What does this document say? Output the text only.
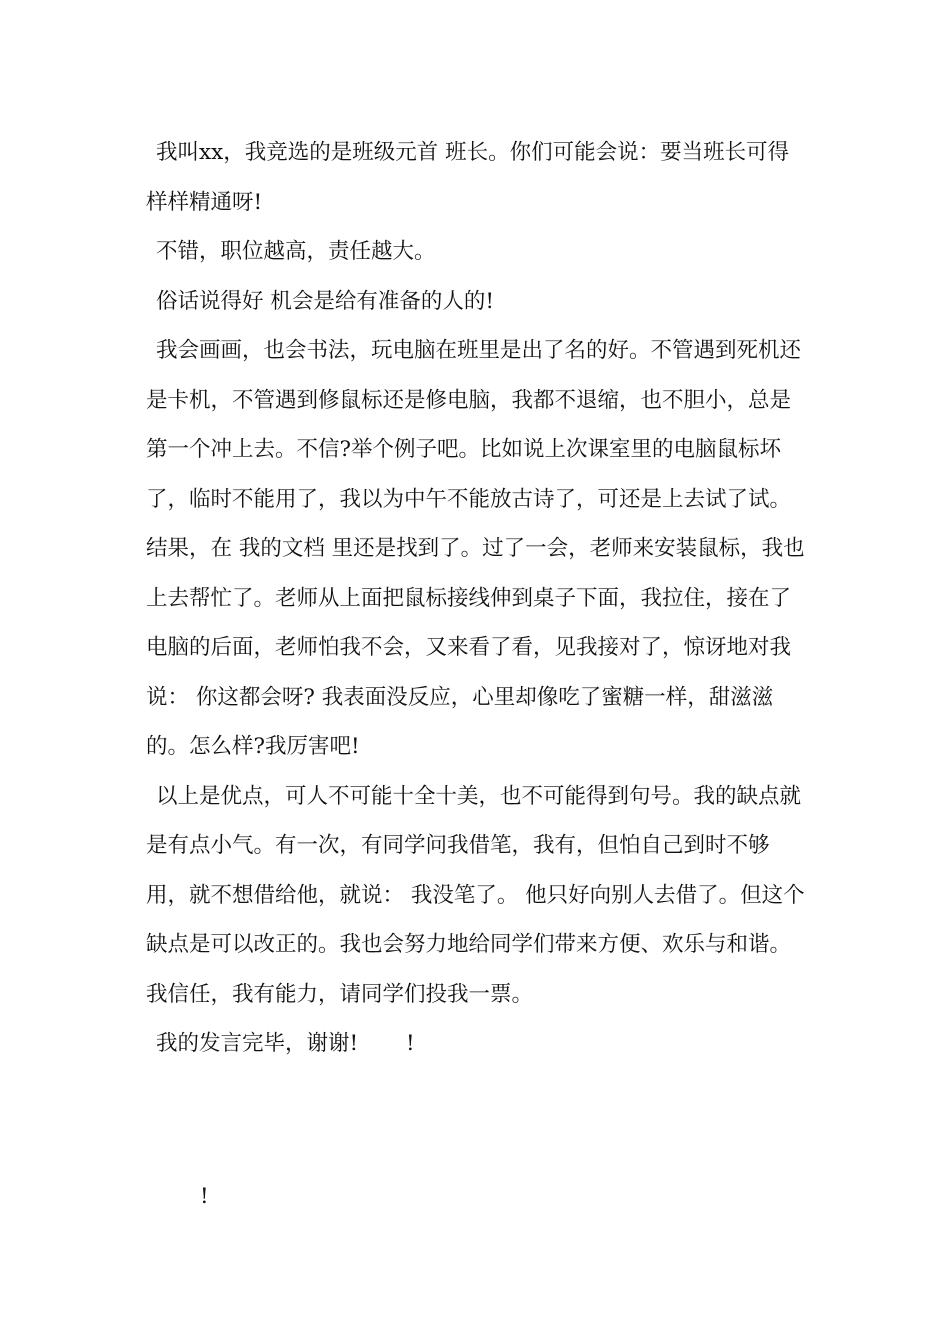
我叫xx，我竞选的是班级元首 班长。你们可能会说：要当班长可得样样精通呀!

不错，职位越高，责任越大。

俗话说得好 机会是给有准备的人的!

我会画画，也会书法，玩电脑在班里是出了名的好。不管遇到死机还是卡机，不管遇到修鼠标还是修电脑，我都不退缩，也不胆小，总是第一个冲上去。不信?举个例子吧。比如说上次课室里的电脑鼠标坏了，临时不能用了，我以为中午不能放古诗了，可还是上去试了试。结果，在 我的文档 里还是找到了。过了一会，老师来安装鼠标，我也上去帮忙了。老师从上面把鼠标接线伸到桌子下面，我拉住，接在了电脑的后面，老师怕我不会，又来看了看，见我接对了，惊讶地对我说： 你这都会呀? 我表面没反应，心里却像吃了蜜糖一样，甜滋滋的。怎么样?我厉害吧!

以上是优点，可人不可能十全十美，也不可能得到句号。我的缺点就是有点小气。有一次，有同学问我借笔，我有，但怕自己到时不够用，就不想借给他，就说： 我没笔了。 他只好向别人去借了。但这个缺点是可以改正的。我也会努力地给同学们带来方便、欢乐与和谐。我信任，我有能力，请同学们投我一票。

我的发言完毕，谢谢!       !

!
